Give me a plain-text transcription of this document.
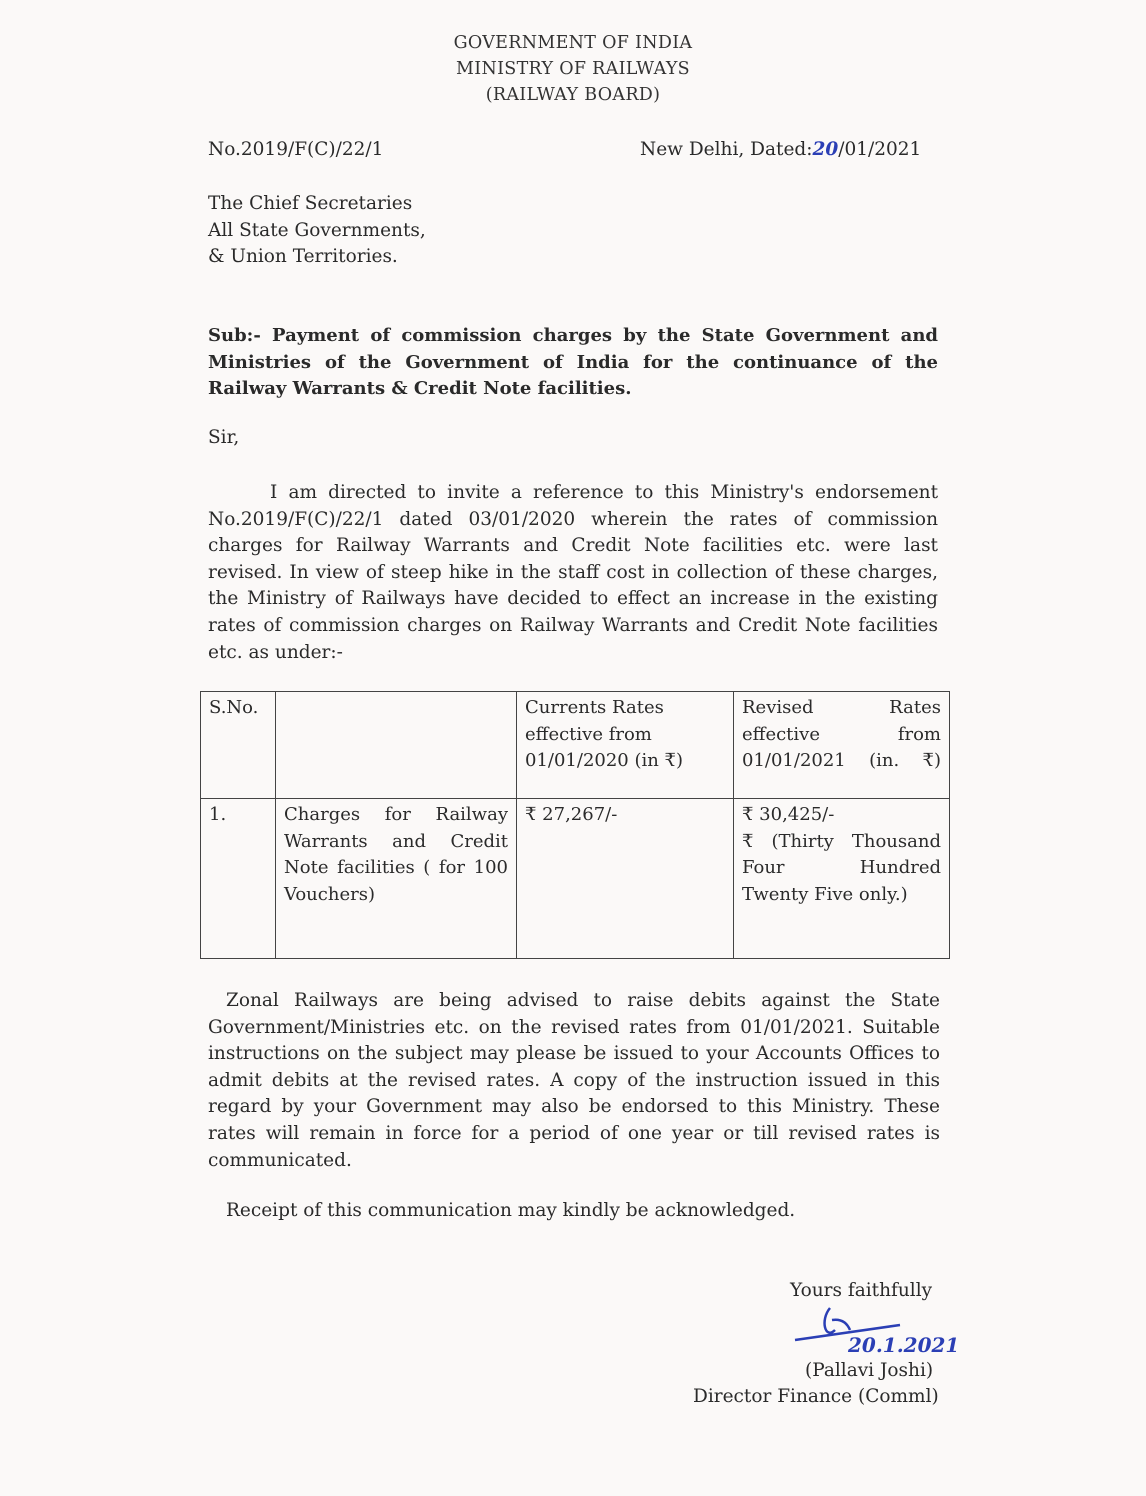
GOVERNMENT OF INDIA
MINISTRY OF RAILWAYS
(RAILWAY BOARD)
No.2019/F(C)/22/1	New Delhi, Dated:20/01/2021
The Chief Secretaries
All State Governments,
& Union Territories.
Sub:- Payment of commission charges by the State Government and Ministries of the Government of India for the continuance of the Railway Warrants & Credit Note facilities.
Sir,
I am directed to invite a reference to this Ministry's endorsement No.2019/F(C)/22/1 dated 03/01/2020 wherein the rates of commission charges for Railway Warrants and Credit Note facilities etc. were last revised. In view of steep hike in the staff cost in collection of these charges, the Ministry of Railways have decided to effect an increase in the existing rates of commission charges on Railway Warrants and Credit Note facilities etc. as under:-
S.No.		Currents Rates effective from 01/01/2020 (in ₹)	Revised Rates effective from 01/01/2021 (in. ₹)
1.	Charges for Railway Warrants and Credit Note facilities ( for 100 Vouchers)	₹ 27,267/-	₹ 30,425/-
₹ (Thirty Thousand Four Hundred Twenty Five only.)
Zonal Railways are being advised to raise debits against the State Government/Ministries etc. on the revised rates from 01/01/2021. Suitable instructions on the subject may please be issued to your Accounts Offices to admit debits at the revised rates. A copy of the instruction issued in this regard by your Government may also be endorsed to this Ministry. These rates will remain in force for a period of one year or till revised rates is communicated.
Receipt of this communication may kindly be acknowledged.
Yours faithfully
20.1.2021
(Pallavi Joshi)
Director Finance (Comml)
